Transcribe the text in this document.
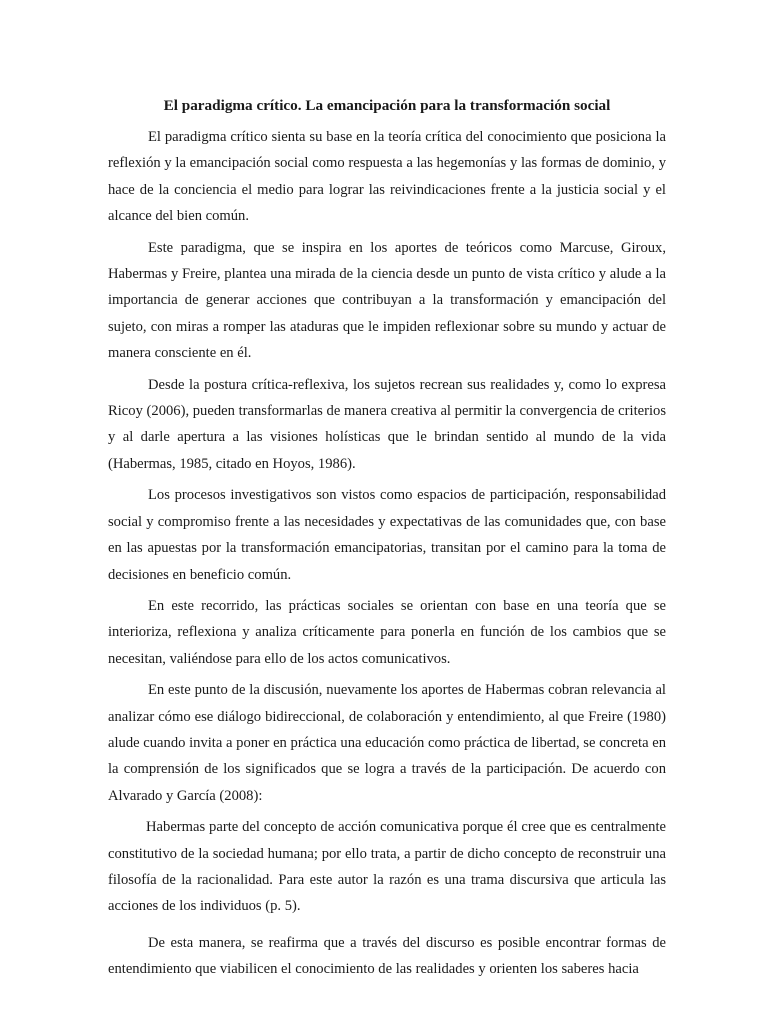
El paradigma crítico. La emancipación para la transformación social

El paradigma crítico sienta su base en la teoría crítica del conocimiento que posiciona la reflexión y la emancipación social como respuesta a las hegemonías y las formas de dominio, y hace de la conciencia el medio para lograr las reivindicaciones frente a la justicia social y el alcance del bien común.

Este paradigma, que se inspira en los aportes de teóricos como Marcuse, Giroux, Habermas y Freire, plantea una mirada de la ciencia desde un punto de vista crítico y alude a la importancia de generar acciones que contribuyan a la transformación y emancipación del sujeto, con miras a romper las ataduras que le impiden reflexionar sobre su mundo y actuar de manera consciente en él.

Desde la postura crítica-reflexiva, los sujetos recrean sus realidades y, como lo expresa Ricoy (2006), pueden transformarlas de manera creativa al permitir la convergencia de criterios y al darle apertura a las visiones holísticas que le brindan sentido al mundo de la vida (Habermas, 1985, citado en Hoyos, 1986).

Los procesos investigativos son vistos como espacios de participación, responsabilidad social y compromiso frente a las necesidades y expectativas de las comunidades que, con base en las apuestas por la transformación emancipatorias, transitan por el camino para la toma de decisiones en beneficio común.

En este recorrido, las prácticas sociales se orientan con base en una teoría que se interioriza, reflexiona y analiza críticamente para ponerla en función de los cambios que se necesitan, valiéndose para ello de los actos comunicativos.

En este punto de la discusión, nuevamente los aportes de Habermas cobran relevancia al analizar cómo ese diálogo bidireccional, de colaboración y entendimiento, al que Freire (1980) alude cuando invita a poner en práctica una educación como práctica de libertad, se concreta en la comprensión de los significados que se logra a través de la participación. De acuerdo con Alvarado y García (2008):

Habermas parte del concepto de acción comunicativa porque él cree que es centralmente constitutivo de la sociedad humana; por ello trata, a partir de dicho concepto de reconstruir una filosofía de la racionalidad. Para este autor la razón es una trama discursiva que articula las acciones de los individuos (p. 5).

De esta manera, se reafirma que a través del discurso es posible encontrar formas de entendimiento que viabilicen el conocimiento de las realidades y orienten los saberes hacia
